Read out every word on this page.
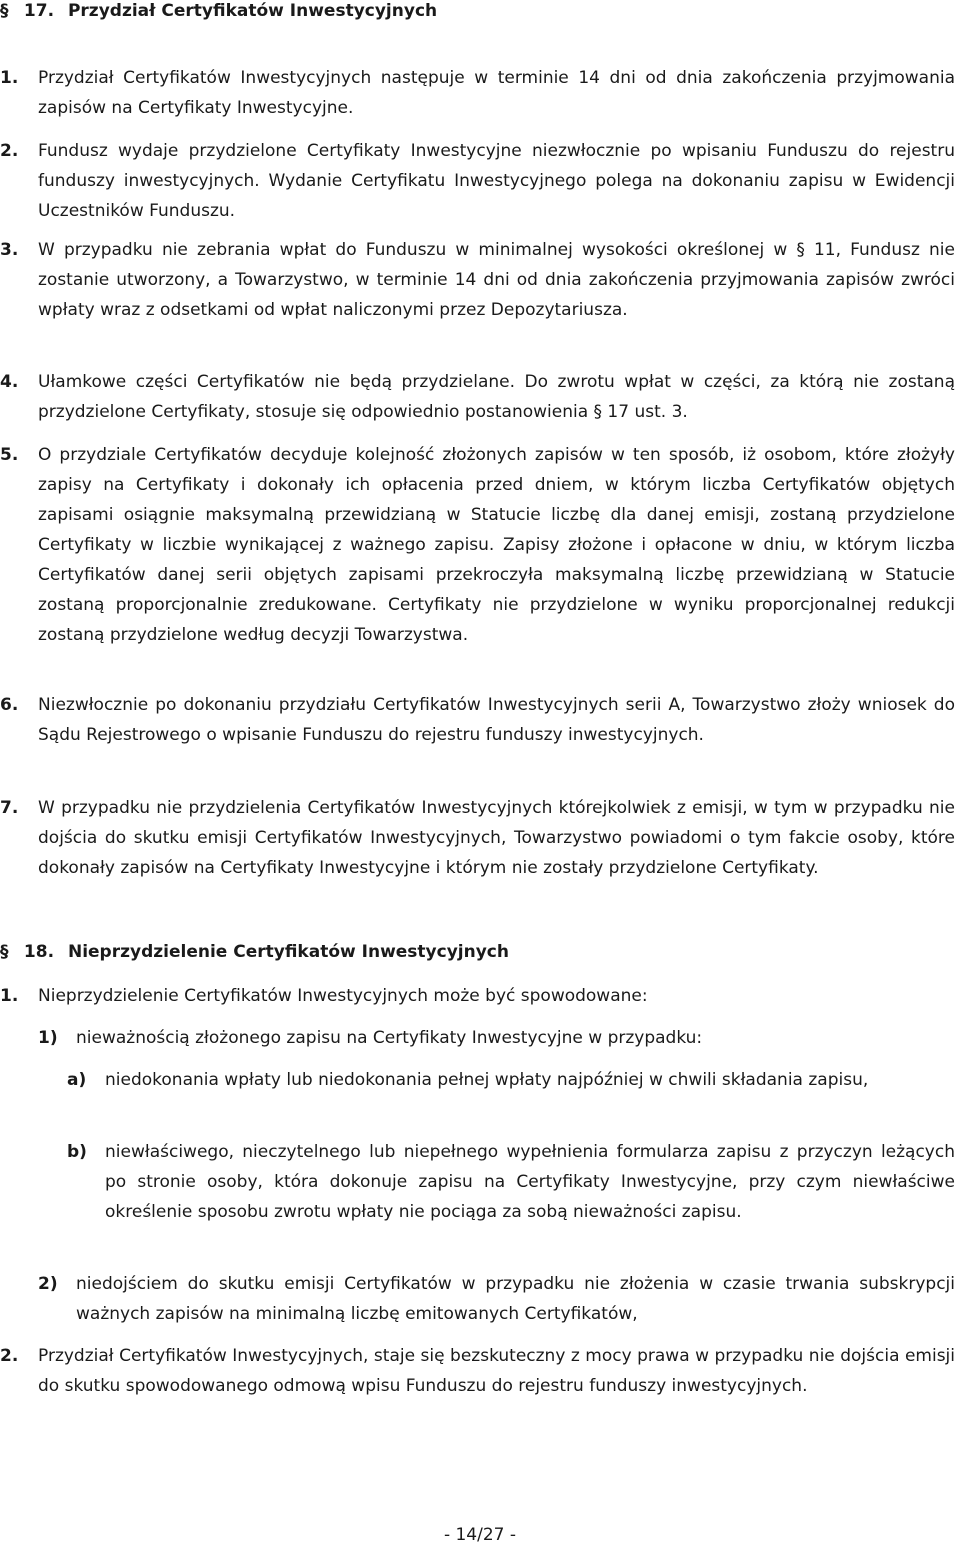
§ 17. Przydział Certyfikatów Inwestycyjnych
1.	Przydział Certyfikatów Inwestycyjnych następuje w terminie 14 dni od dnia zakończenia przyjmowania zapisów na Certyfikaty Inwestycyjne.
2.	Fundusz wydaje przydzielone Certyfikaty Inwestycyjne niezwłocznie po wpisaniu Funduszu do rejestru funduszy inwestycyjnych. Wydanie Certyfikatu Inwestycyjnego polega na dokonaniu zapisu w Ewidencji Uczestników Funduszu.
3.	W przypadku nie zebrania wpłat do Funduszu w minimalnej wysokości określonej w § 11, Fundusz nie zostanie utworzony, a Towarzystwo, w terminie 14 dni od dnia zakończenia przyjmowania zapisów zwróci wpłaty wraz z odsetkami od wpłat naliczonymi przez Depozytariusza.
4.	Ułamkowe części Certyfikatów nie będą przydzielane. Do zwrotu wpłat w części, za którą nie zostaną przydzielone Certyfikaty, stosuje się odpowiednio postanowienia § 17 ust. 3.
5.	O przydziale Certyfikatów decyduje kolejność złożonych zapisów w ten sposób, iż osobom, które złożyły zapisy na Certyfikaty i dokonały ich opłacenia przed dniem, w którym liczba Certyfikatów objętych zapisami osiągnie maksymalną przewidzianą w Statucie liczbę dla danej emisji, zostaną przydzielone Certyfikaty w liczbie wynikającej z ważnego zapisu. Zapisy złożone i opłacone w dniu, w którym liczba Certyfikatów danej serii objętych zapisami przekroczyła maksymalną liczbę przewidzianą w Statucie zostaną proporcjonalnie zredukowane. Certyfikaty nie przydzielone w wyniku proporcjonalnej redukcji zostaną przydzielone według decyzji Towarzystwa.
6.	Niezwłocznie po dokonaniu przydziału Certyfikatów Inwestycyjnych serii A, Towarzystwo złoży wniosek do Sądu Rejestrowego o wpisanie Funduszu do rejestru funduszy inwestycyjnych.
7.	W przypadku nie przydzielenia Certyfikatów Inwestycyjnych którejkolwiek z emisji, w tym w przypadku nie dojścia do skutku emisji Certyfikatów Inwestycyjnych, Towarzystwo powiadomi o tym fakcie osoby, które dokonały zapisów na Certyfikaty Inwestycyjne i którym nie zostały przydzielone Certyfikaty.
§ 18. Nieprzydzielenie Certyfikatów Inwestycyjnych
1.	Nieprzydzielenie Certyfikatów Inwestycyjnych może być spowodowane:
1)	nieważnością złożonego zapisu na Certyfikaty Inwestycyjne w przypadku:
a)	niedokonania wpłaty lub niedokonania pełnej wpłaty najpóźniej w chwili składania zapisu,
b)	niewłaściwego, nieczytelnego lub niepełnego wypełnienia formularza zapisu z przyczyn leżących po stronie osoby, która dokonuje zapisu na Certyfikaty Inwestycyjne, przy czym niewłaściwe określenie sposobu zwrotu wpłaty nie pociąga za sobą nieważności zapisu.
2)	niedojściem do skutku emisji Certyfikatów w przypadku nie złożenia w czasie trwania subskrypcji ważnych zapisów na minimalną liczbę emitowanych Certyfikatów,
2.	Przydział Certyfikatów Inwestycyjnych, staje się bezskuteczny z mocy prawa w przypadku nie dojścia emisji do skutku spowodowanego odmową wpisu Funduszu do rejestru funduszy inwestycyjnych.
- 14/27 -
